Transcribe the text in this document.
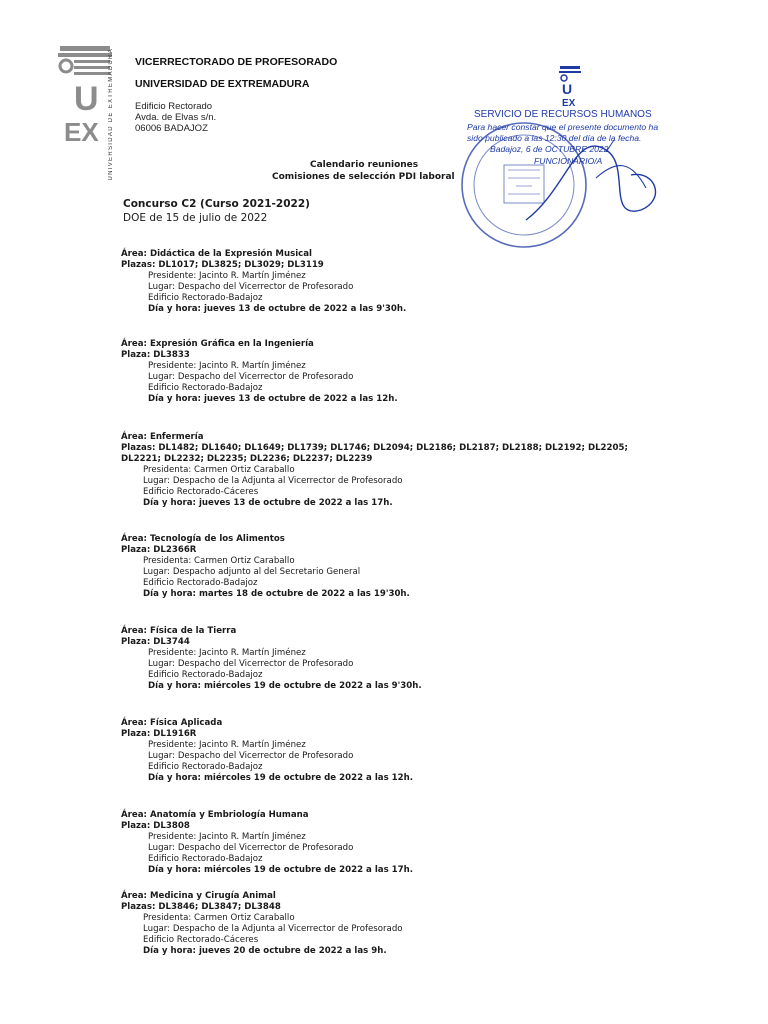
U
EX UNIVERSIDAD DE EXTREMADURA VICERRECTORADO DE PROFESORADO
UNIVERSIDAD DE EXTREMADURA
Edificio Rectorado
Avda. de Elvas s/n.
06006 BADAJOZ
U
EX
SERVICIO DE RECURSOS HUMANOS
Para hacer constar que el presente documento ha
sido publicado a las 12:30 del día de la fecha.
Badajoz, 6 de OCTUBRE 2022
FUNCIONARIO/A
Calendario reuniones
Comisiones de selección PDI laboral
Concurso C2 (Curso 2021-2022)
DOE de 15 de julio de 2022
Área: Didáctica de la Expresión Musical
Plazas: DL1017; DL3825; DL3029; DL3119
Presidente: Jacinto R. Martín Jiménez
Lugar: Despacho del Vicerrector de Profesorado
Edificio Rectorado-Badajoz
Día y hora: jueves 13 de octubre de 2022 a las 9'30h.
Área: Expresión Gráfica en la Ingeniería
Plaza: DL3833
Presidente: Jacinto R. Martín Jiménez
Lugar: Despacho del Vicerrector de Profesorado
Edificio Rectorado-Badajoz
Día y hora: jueves 13 de octubre de 2022 a las 12h.
Área: Enfermería
Plazas: DL1482; DL1640; DL1649; DL1739; DL1746; DL2094; DL2186; DL2187; DL2188; DL2192; DL2205;
DL2221; DL2232; DL2235; DL2236; DL2237; DL2239
Presidenta: Carmen Ortiz Caraballo
Lugar: Despacho de la Adjunta al Vicerrector de Profesorado
Edificio Rectorado-Cáceres
Día y hora: jueves 13 de octubre de 2022 a las 17h.
Área: Tecnología de los Alimentos
Plaza: DL2366R
Presidenta: Carmen Ortiz Caraballo
Lugar: Despacho adjunto al del Secretario General
Edificio Rectorado-Badajoz
Día y hora: martes 18 de octubre de 2022 a las 19'30h.
Área: Física de la Tierra
Plaza: DL3744
Presidente: Jacinto R. Martín Jiménez
Lugar: Despacho del Vicerrector de Profesorado
Edificio Rectorado-Badajoz
Día y hora: miércoles 19 de octubre de 2022 a las 9'30h.
Área: Física Aplicada
Plaza: DL1916R
Presidente: Jacinto R. Martín Jiménez
Lugar: Despacho del Vicerrector de Profesorado
Edificio Rectorado-Badajoz
Día y hora: miércoles 19 de octubre de 2022 a las 12h.
Área: Anatomía y Embriología Humana
Plaza: DL3808
Presidente: Jacinto R. Martín Jiménez
Lugar: Despacho del Vicerrector de Profesorado
Edificio Rectorado-Badajoz
Día y hora: miércoles 19 de octubre de 2022 a las 17h.
Área: Medicina y Cirugía Animal
Plazas: DL3846; DL3847; DL3848
Presidenta: Carmen Ortiz Caraballo
Lugar: Despacho de la Adjunta al Vicerrector de Profesorado
Edificio Rectorado-Cáceres
Día y hora: jueves 20 de octubre de 2022 a las 9h.
